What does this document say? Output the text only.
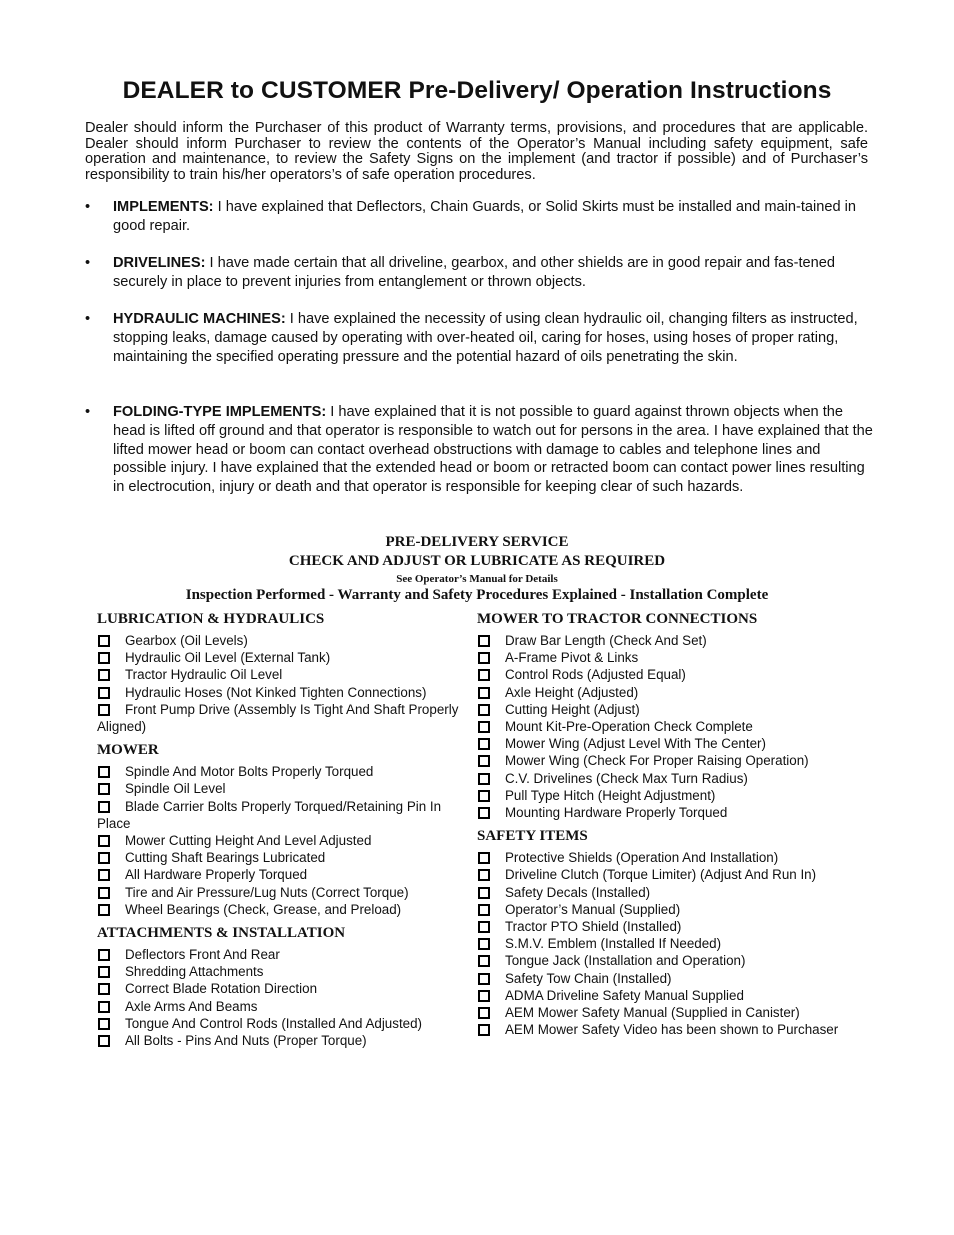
DEALER to CUSTOMER Pre-Delivery/ Operation Instructions
Dealer should inform the Purchaser of this product of Warranty terms, provisions, and procedures that are applicable. Dealer should inform Purchaser to review the contents of the Operator’s Manual including safety equipment, safe operation and maintenance, to review the Safety Signs on the implement (and tractor if possible) and of Purchaser’s responsibility to train his/her operators’s of safe operation procedures.
• IMPLEMENTS: I have explained that Deflectors, Chain Guards, or Solid Skirts must be installed and main-tained in good repair.
• DRIVELINES: I have made certain that all driveline, gearbox, and other shields are in good repair and fas-tened securely in place to prevent injuries from entanglement or thrown objects.
• HYDRAULIC MACHINES: I have explained the necessity of using clean hydraulic oil, changing filters as instructed, stopping leaks, damage caused by operating with over-heated oil, caring for hoses, using hoses of proper rating, maintaining the specified operating pressure and the potential hazard of oils penetrating the skin.
• FOLDING-TYPE IMPLEMENTS: I have explained that it is not possible to guard against thrown objects when the head is lifted off ground and that operator is responsible to watch out for persons in the area. I have explained that the lifted mower head or boom can contact overhead obstructions with damage to cables and telephone lines and possible injury. I have explained that the extended head or boom or retracted boom can contact power lines resulting in electrocution, injury or death and that operator is responsible for keeping clear of such hazards.
PRE-DELIVERY SERVICE
CHECK AND ADJUST OR LUBRICATE AS REQUIRED
See Operator’s Manual for Details
Inspection Performed - Warranty and Safety Procedures Explained - Installation Complete
LUBRICATION & HYDRAULICS
Gearbox (Oil Levels)
Hydraulic Oil Level (External Tank)
Tractor Hydraulic Oil Level
Hydraulic Hoses (Not Kinked Tighten Connections)
Front Pump Drive (Assembly Is Tight And Shaft Properly Aligned)
MOWER
Spindle And Motor Bolts Properly Torqued
Spindle Oil Level
Blade Carrier Bolts Properly Torqued/Retaining Pin In Place
Mower Cutting Height And Level Adjusted
Cutting Shaft Bearings Lubricated
All Hardware Properly Torqued
Tire and Air Pressure/Lug Nuts (Correct Torque)
Wheel Bearings (Check, Grease, and Preload)
ATTACHMENTS & INSTALLATION
Deflectors Front And Rear
Shredding Attachments
Correct Blade Rotation Direction
Axle Arms And Beams
Tongue And Control Rods (Installed And Adjusted)
All Bolts - Pins And Nuts (Proper Torque)
MOWER TO TRACTOR CONNECTIONS
Draw Bar Length (Check And Set)
A-Frame Pivot & Links
Control Rods (Adjusted Equal)
Axle Height (Adjusted)
Cutting Height (Adjust)
Mount Kit-Pre-Operation Check Complete
Mower Wing (Adjust Level With The Center)
Mower Wing (Check For Proper Raising Operation)
C.V. Drivelines (Check Max Turn Radius)
Pull Type Hitch (Height Adjustment)
Mounting Hardware Properly Torqued
SAFETY ITEMS
Protective Shields (Operation And Installation)
Driveline Clutch (Torque Limiter) (Adjust And Run In)
Safety Decals (Installed)
Operator’s Manual (Supplied)
Tractor PTO Shield (Installed)
S.M.V. Emblem (Installed If Needed)
Tongue Jack (Installation and Operation)
Safety Tow Chain (Installed)
ADMA Driveline Safety Manual Supplied
AEM Mower Safety Manual (Supplied in Canister)
AEM Mower Safety Video has been shown to Purchaser
